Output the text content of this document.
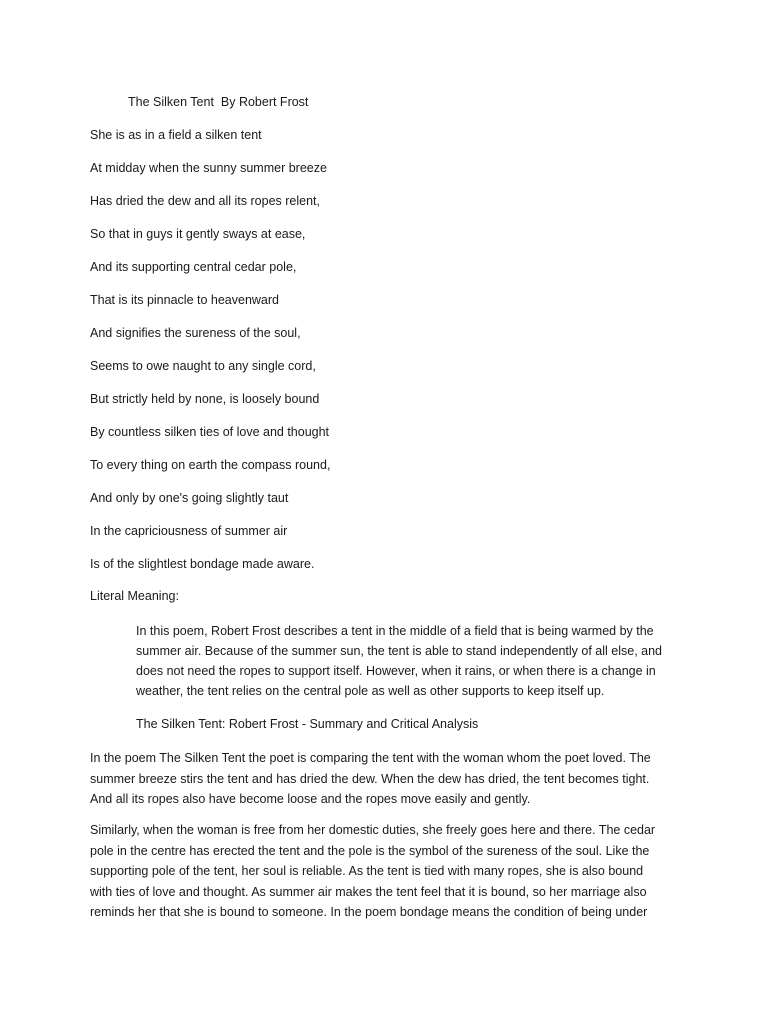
The Silken Tent  By Robert Frost
She is as in a field a silken tent
At midday when the sunny summer breeze
Has dried the dew and all its ropes relent,
So that in guys it gently sways at ease,
And its supporting central cedar pole,
That is its pinnacle to heavenward
And signifies the sureness of the soul,
Seems to owe naught to any single cord,
But strictly held by none, is loosely bound
By countless silken ties of love and thought
To every thing on earth the compass round,
And only by one's going slightly taut
In the capriciousness of summer air
Is of the slightlest bondage made aware.
Literal Meaning:
In this poem, Robert Frost describes a tent in the middle of a field that is being warmed by the
summer air. Because of the summer sun, the tent is able to stand independently of all else, and
does not need the ropes to support itself. However, when it rains, or when there is a change in
weather, the tent relies on the central pole as well as other supports to keep itself up.
The Silken Tent: Robert Frost - Summary and Critical Analysis
In the poem The Silken Tent the poet is comparing the tent with the woman whom the poet loved. The
summer breeze stirs the tent and has dried the dew. When the dew has dried, the tent becomes tight.
And all its ropes also have become loose and the ropes move easily and gently.
Similarly, when the woman is free from her domestic duties, she freely goes here and there. The cedar
pole in the centre has erected the tent and the pole is the symbol of the sureness of the soul. Like the
supporting pole of the tent, her soul is reliable. As the tent is tied with many ropes, she is also bound
with ties of love and thought. As summer air makes the tent feel that it is bound, so her marriage also
reminds her that she is bound to someone. In the poem bondage means the condition of being under
